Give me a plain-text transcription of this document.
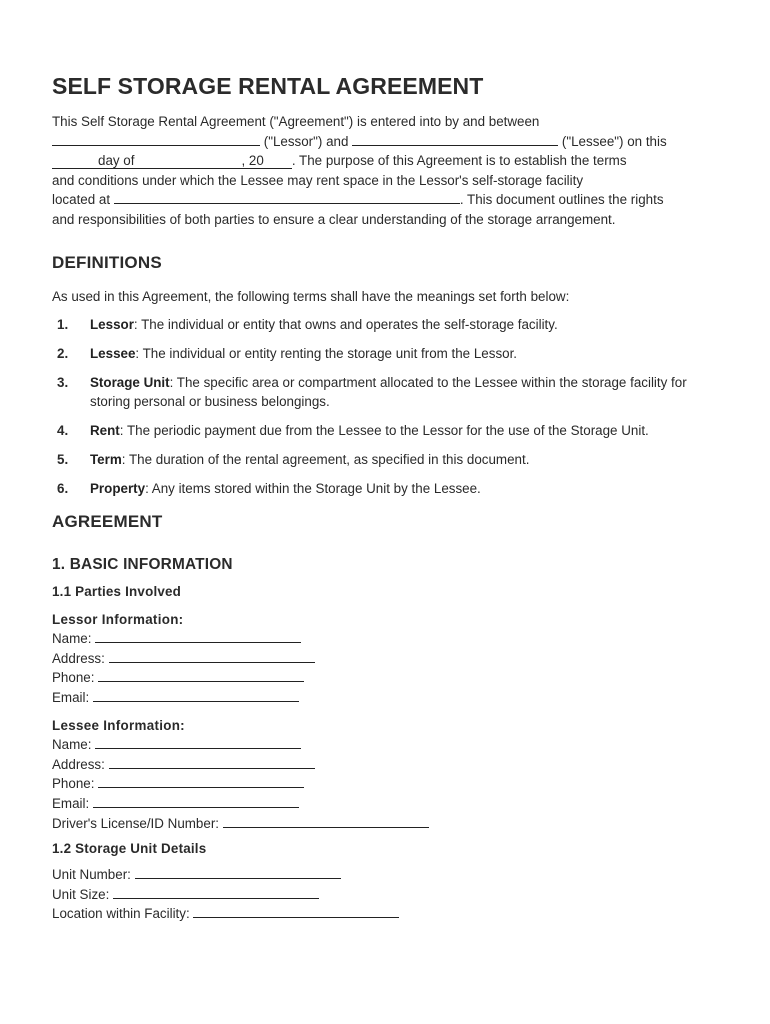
SELF STORAGE RENTAL AGREEMENT
This Self Storage Rental Agreement ("Agreement") is entered into by and between
("Lessor") and	("Lessee") on this
day of	, 20 . The purpose of this Agreement is to establish the terms
and conditions under which the Lessee may rent space in the Lessor's self-storage facility
located at	. This document outlines the rights
and responsibilities of both parties to ensure a clear understanding of the storage arrangement.
DEFINITIONS

As used in this Agreement, the following terms shall have the meanings set forth below:

1. Lessor: The individual or entity that owns and operates the self-storage facility.
2. Lessee: The individual or entity renting the storage unit from the Lessor.
3. Storage Unit: The specific area or compartment allocated to the Lessee within the storage facility for storing personal or business belongings.
4. Rent: The periodic payment due from the Lessee to the Lessor for the use of the Storage Unit.
5. Term: The duration of the rental agreement, as specified in this document.
6. Property: Any items stored within the Storage Unit by the Lessee.
AGREEMENT
1. BASIC INFORMATION
1.1 Parties Involved
Lessor Information:
Name:
Address:
Phone:
Email:
Lessee Information:
Name:
Address:
Phone:
Email:
Driver's License/ID Number:
1.2 Storage Unit Details
Unit Number:
Unit Size:
Location within Facility:
